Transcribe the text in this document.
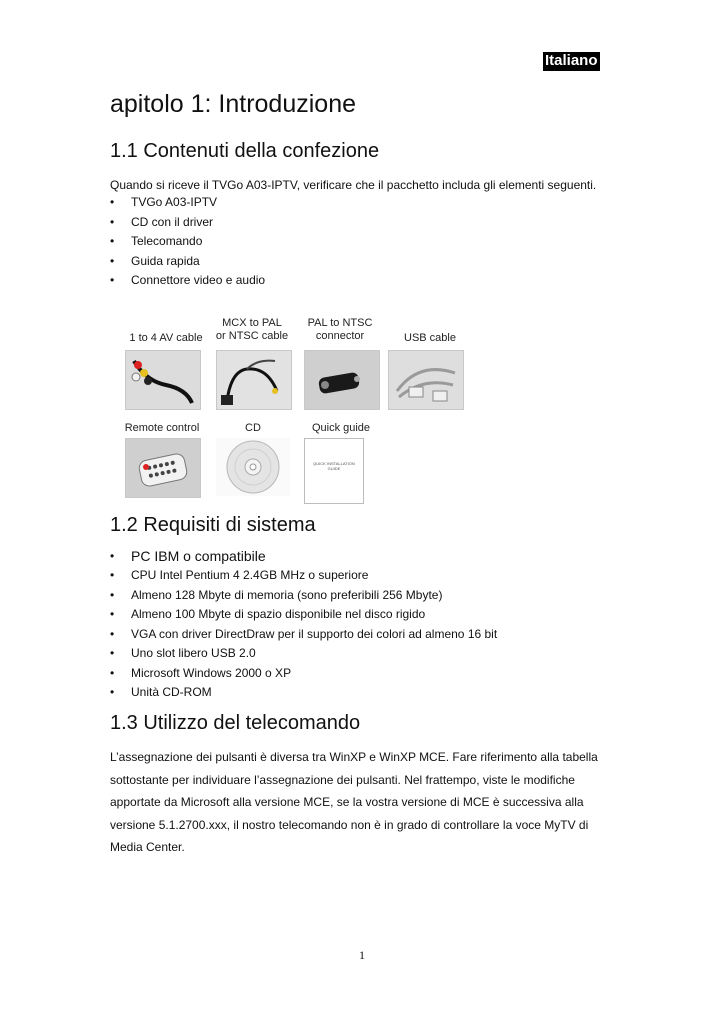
Italiano
apitolo 1: Introduzione
1.1 Contenuti della confezione

Quando si riceve il TVGo A03-IPTV, verificare che il pacchetto includa gli elementi seguenti.

• TVGo A03-IPTV
• CD con il driver
• Telecomando
• Guida rapida
• Connettore video e audio
1 to 4 AV cable
MCX to PAL
or NTSC cable
PAL to NTSC
connector	USB cable
Remote control	CD	Quick guide
QUICK INSTALLATION GUIDE
1.2 Requisiti di sistema
• PC IBM o compatibile
• CPU Intel Pentium 4 2.4GB MHz o superiore
• Almeno 128 Mbyte di memoria (sono preferibili 256 Mbyte)
• Almeno 100 Mbyte di spazio disponibile nel disco rigido
• VGA con driver DirectDraw per il supporto dei colori ad almeno 16 bit
• Uno slot libero USB 2.0
• Microsoft Windows 2000 o XP
• Unità CD-ROM
1.3 Utilizzo del telecomando

L’assegnazione dei pulsanti è diversa tra WinXP e WinXP MCE. Fare riferimento alla tabella sottostante per individuare l’assegnazione dei pulsanti. Nel frattempo, viste le modifiche apportate da Microsoft alla versione MCE, se la vostra versione di MCE è successiva alla versione 5.1.2700.xxx, il nostro telecomando non è in grado di controllare la voce MyTV di Media Center.

1
